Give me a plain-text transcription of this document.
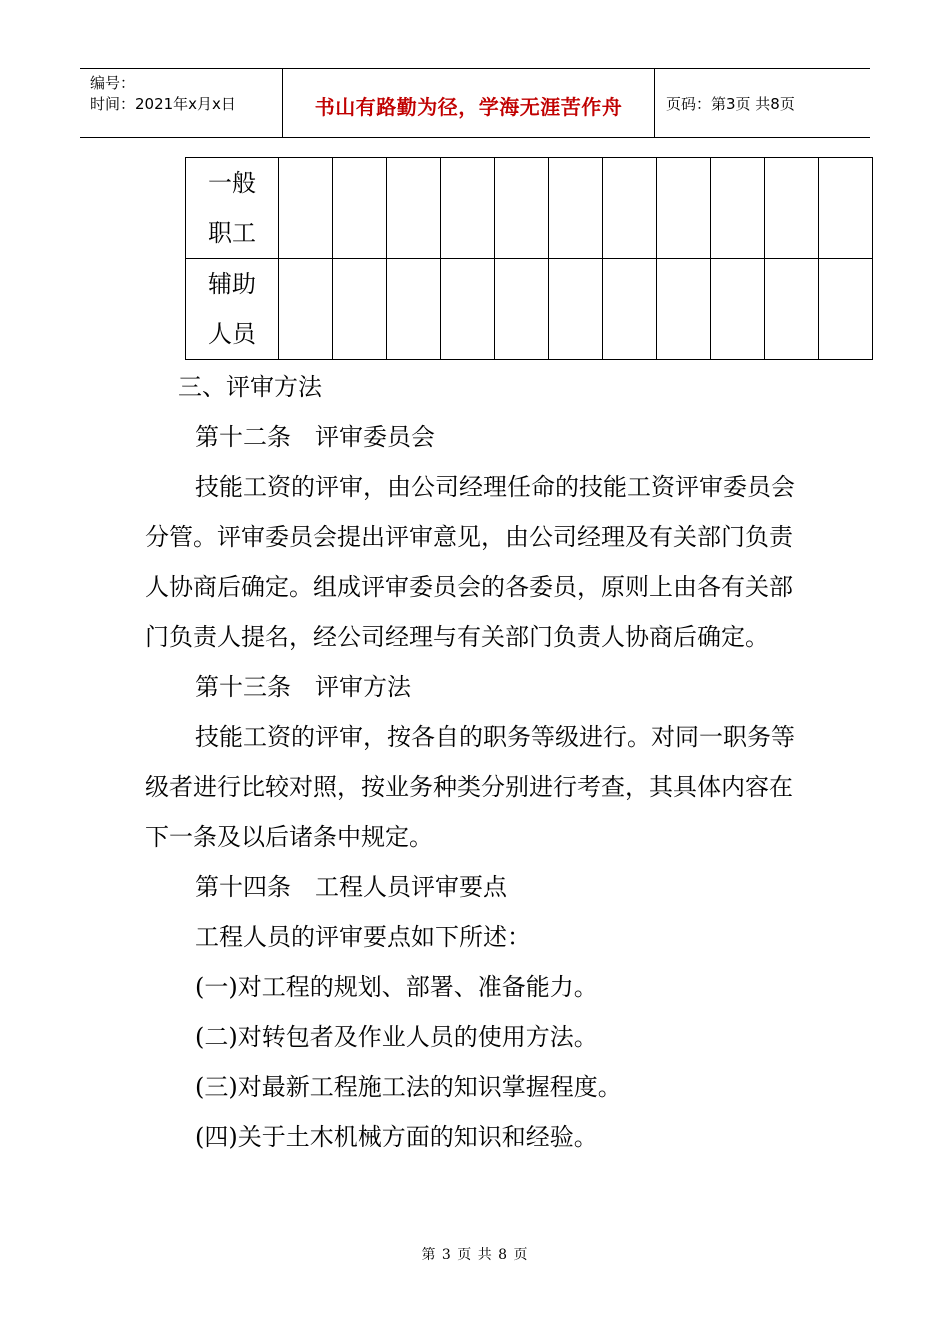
编号：
时间：2021年x月x日	书山有路勤为径，学海无涯苦作舟	页码：第3页 共8页
一般
职工											

辅助
人员											

三、评审方法

第十二条　评审委员会

技能工资的评审，由公司经理任命的技能工资评审委员会分管。评审委员会提出评审意见，由公司经理及有关部门负责人协商后确定。组成评审委员会的各委员，原则上由各有关部门负责人提名，经公司经理与有关部门负责人协商后确定。

第十三条　评审方法

技能工资的评审，按各自的职务等级进行。对同一职务等级者进行比较对照，按业务种类分别进行考查，其具体内容在下一条及以后诸条中规定。

第十四条　工程人员评审要点

工程人员的评审要点如下所述：

(一)对工程的规划、部署、准备能力。

(二)对转包者及作业人员的使用方法。

(三)对最新工程施工法的知识掌握程度。

(四)关于土木机械方面的知识和经验。

第 3 页 共 8 页
